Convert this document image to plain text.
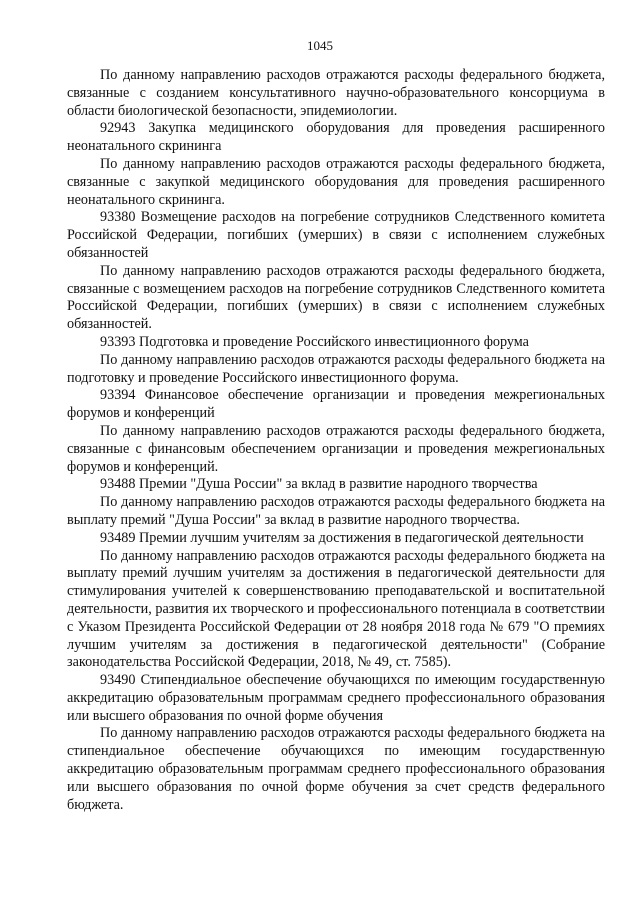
1045

По данному направлению расходов отражаются расходы федерального бюджета, связанные с созданием консультативного научно-образовательного консорциума в области биологической безопасности, эпидемиологии.

92943 Закупка медицинского оборудования для проведения расширенного неонатального скрининга

По данному направлению расходов отражаются расходы федерального бюджета, связанные с закупкой медицинского оборудования для проведения расширенного неонатального скрининга.

93380 Возмещение расходов на погребение сотрудников Следственного комитета Российской Федерации, погибших (умерших) в связи с исполнением служебных обязанностей

По данному направлению расходов отражаются расходы федерального бюджета, связанные с возмещением расходов на погребение сотрудников Следственного комитета Российской Федерации, погибших (умерших) в связи с исполнением служебных обязанностей.

93393 Подготовка и проведение Российского инвестиционного форума

По данному направлению расходов отражаются расходы федерального бюджета на подготовку и проведение Российского инвестиционного форума.

93394 Финансовое обеспечение организации и проведения межрегиональных форумов и конференций

По данному направлению расходов отражаются расходы федерального бюджета, связанные с финансовым обеспечением организации и проведения межрегиональных форумов и конференций.

93488 Премии "Душа России" за вклад в развитие народного творчества

По данному направлению расходов отражаются расходы федерального бюджета на выплату премий "Душа России" за вклад в развитие народного творчества.

93489 Премии лучшим учителям за достижения в педагогической деятельности

По данному направлению расходов отражаются расходы федерального бюджета на выплату премий лучшим учителям за достижения в педагогической деятельности для стимулирования учителей к совершенствованию преподавательской и воспитательной деятельности, развития их творческого и профессионального потенциала в соответствии с Указом Президента Российской Федерации от 28 ноября 2018 года № 679 "О премиях лучшим учителям за достижения в педагогической деятельности" (Собрание законодательства Российской Федерации, 2018, № 49, ст. 7585).

93490 Стипендиальное обеспечение обучающихся по имеющим государственную аккредитацию образовательным программам среднего профессионального образования или высшего образования по очной форме обучения

По данному направлению расходов отражаются расходы федерального бюджета на стипендиальное обеспечение обучающихся по имеющим государственную аккредитацию образовательным программам среднего профессионального образования или высшего образования по очной форме обучения за счет средств федерального бюджета.
